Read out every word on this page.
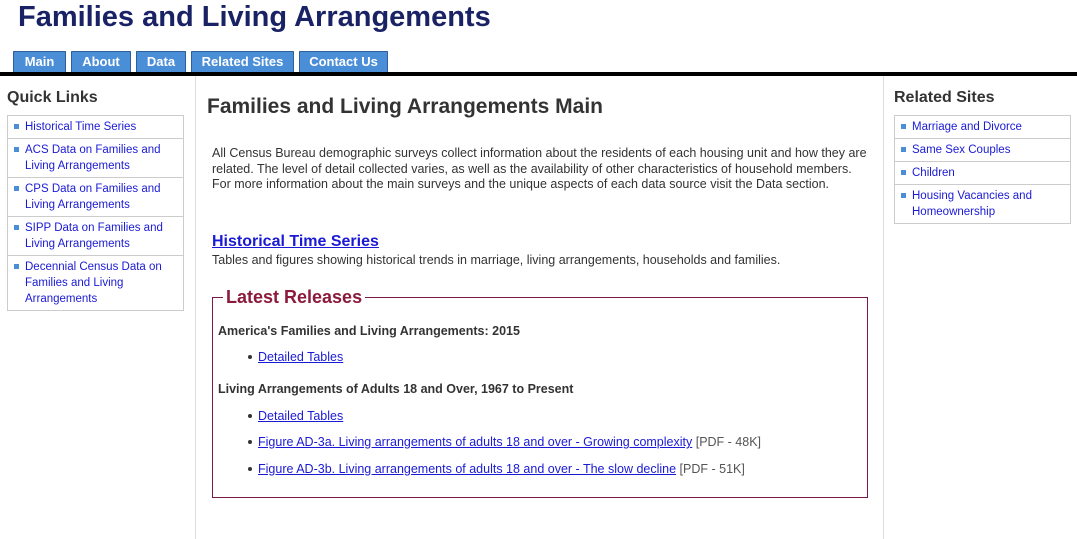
Families and Living Arrangements
Main	About	Data	Related Sites	Contact Us
Quick Links
Historical Time Series
ACS Data on Families and Living Arrangements
CPS Data on Families and Living Arrangements
SIPP Data on Families and Living Arrangements
Decennial Census Data on Families and Living Arrangements
Families and Living Arrangements Main

All Census Bureau demographic surveys collect information about the residents of each housing unit and how they are related. The level of detail collected varies, as well as the availability of other characteristics of household members. For more information about the main surveys and the unique aspects of each data source visit the Data section.

Historical Time Series

Tables and figures showing historical trends in marriage, living arrangements, households and families.

Latest Releases
America's Families and Living Arrangements: 2015
Detailed Tables
Living Arrangements of Adults 18 and Over, 1967 to Present
Detailed Tables
Figure AD-3a. Living arrangements of adults 18 and over - Growing complexity [PDF - 48K]
Figure AD-3b. Living arrangements of adults 18 and over - The slow decline [PDF - 51K]
Related Sites
Marriage and Divorce
Same Sex Couples
Children
Housing Vacancies and Homeownership
